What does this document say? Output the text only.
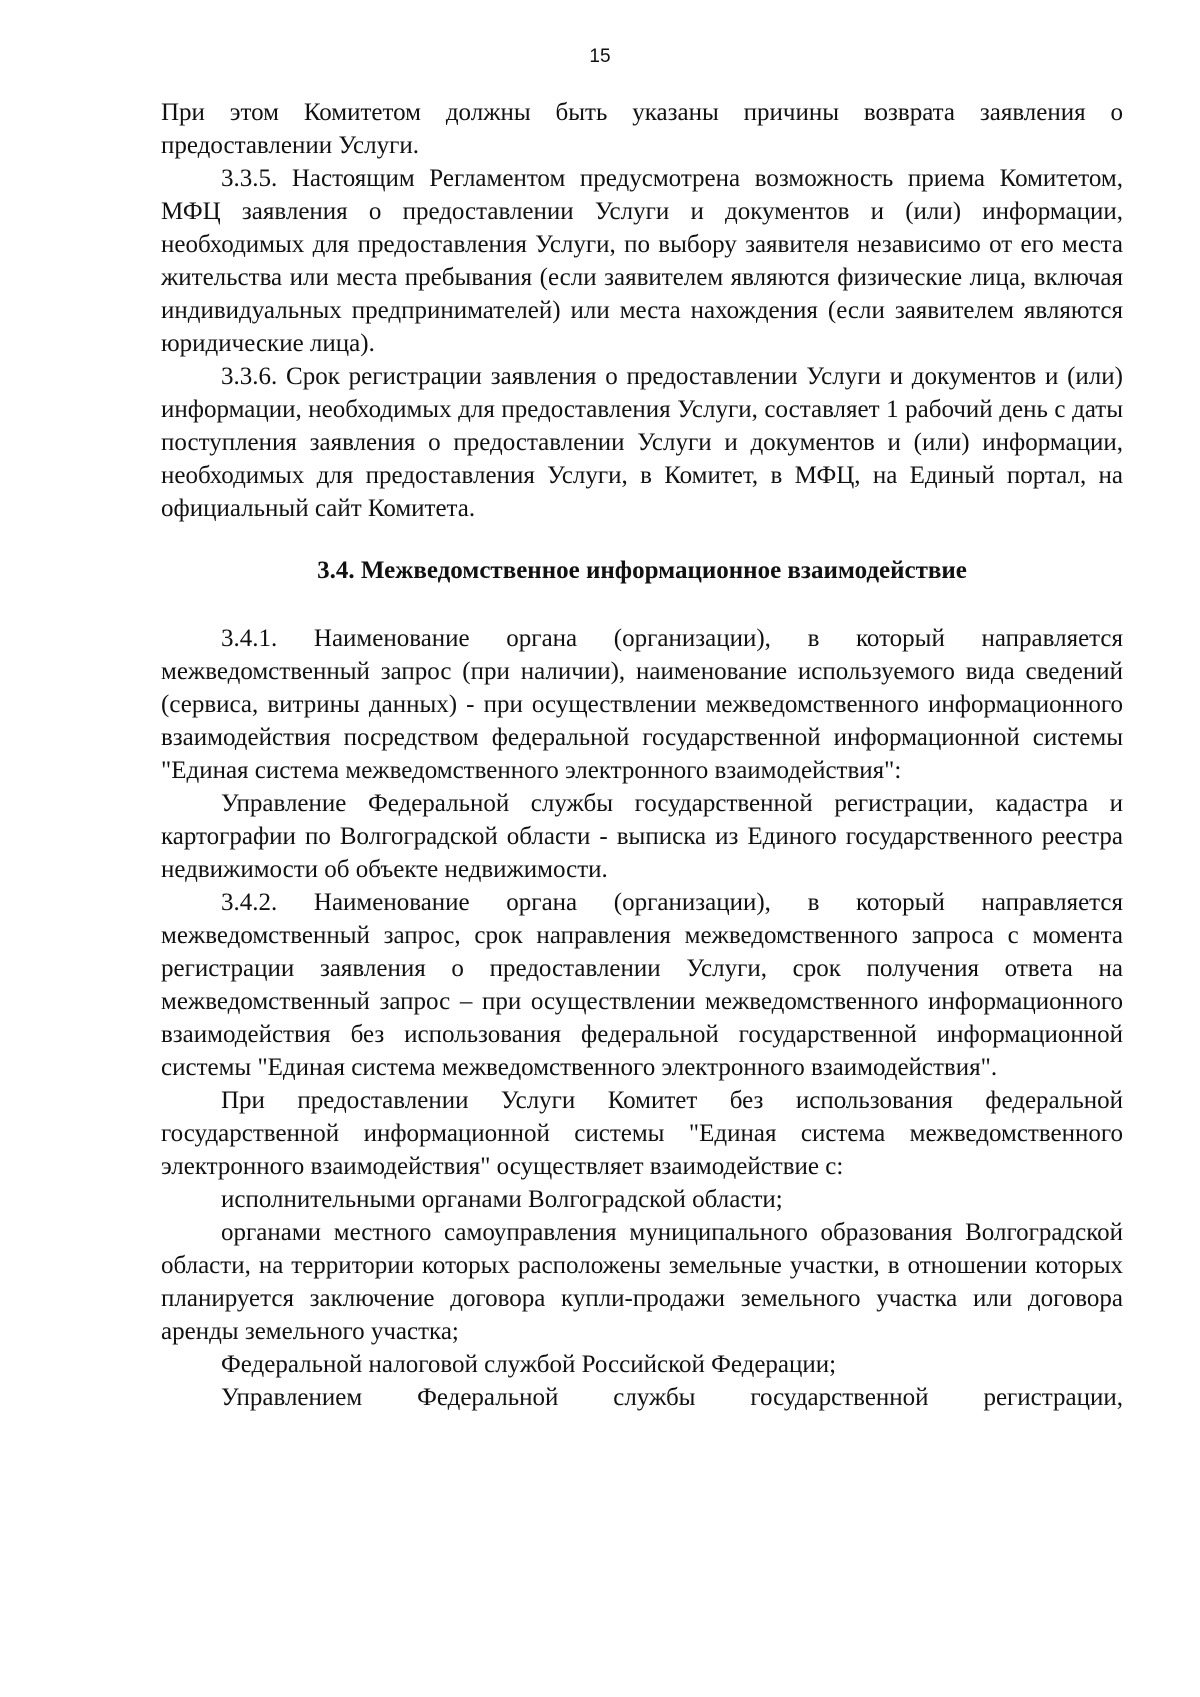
15

При этом Комитетом должны быть указаны причины возврата заявления о предоставлении Услуги.

3.3.5. Настоящим Регламентом предусмотрена возможность приема Комитетом, МФЦ заявления о предоставлении Услуги и документов и (или) информации, необходимых для предоставления Услуги, по выбору заявителя независимо от его места жительства или места пребывания (если заявителем являются физические лица, включая индивидуальных предпринимателей) или места нахождения (если заявителем являются юридические лица).

3.3.6. Срок регистрации заявления о предоставлении Услуги и документов и (или) информации, необходимых для предоставления Услуги, составляет 1 рабочий день с даты поступления заявления о предоставлении Услуги и документов и (или) информации, необходимых для предоставления Услуги, в Комитет, в МФЦ, на Единый портал, на официальный сайт Комитета.

3.4. Межведомственное информационное взаимодействие

3.4.1. Наименование органа (организации), в который направляется межведомственный запрос (при наличии), наименование используемого вида сведений (сервиса, витрины данных) - при осуществлении межведомственного информационного взаимодействия посредством федеральной государственной информационной системы "Единая система межведомственного электронного взаимодействия":

Управление Федеральной службы государственной регистрации, кадастра и картографии по Волгоградской области - выписка из Единого государственного реестра недвижимости об объекте недвижимости.

3.4.2. Наименование органа (организации), в который направляется межведомственный запрос, срок направления межведомственного запроса с момента регистрации заявления о предоставлении Услуги, срок получения ответа на межведомственный запрос – при осуществлении межведомственного информационного взаимодействия без использования федеральной государственной информационной системы "Единая система межведомственного электронного взаимодействия".

При предоставлении Услуги Комитет без использования федеральной государственной информационной системы "Единая система межведомственного электронного взаимодействия" осуществляет взаимодействие с:

исполнительными органами Волгоградской области;

органами местного самоуправления муниципального образования Волгоградской области, на территории которых расположены земельные участки, в отношении которых планируется заключение договора купли-продажи земельного участка или договора аренды земельного участка;

Федеральной налоговой службой Российской Федерации;

Управлением Федеральной службы государственной регистрации,
